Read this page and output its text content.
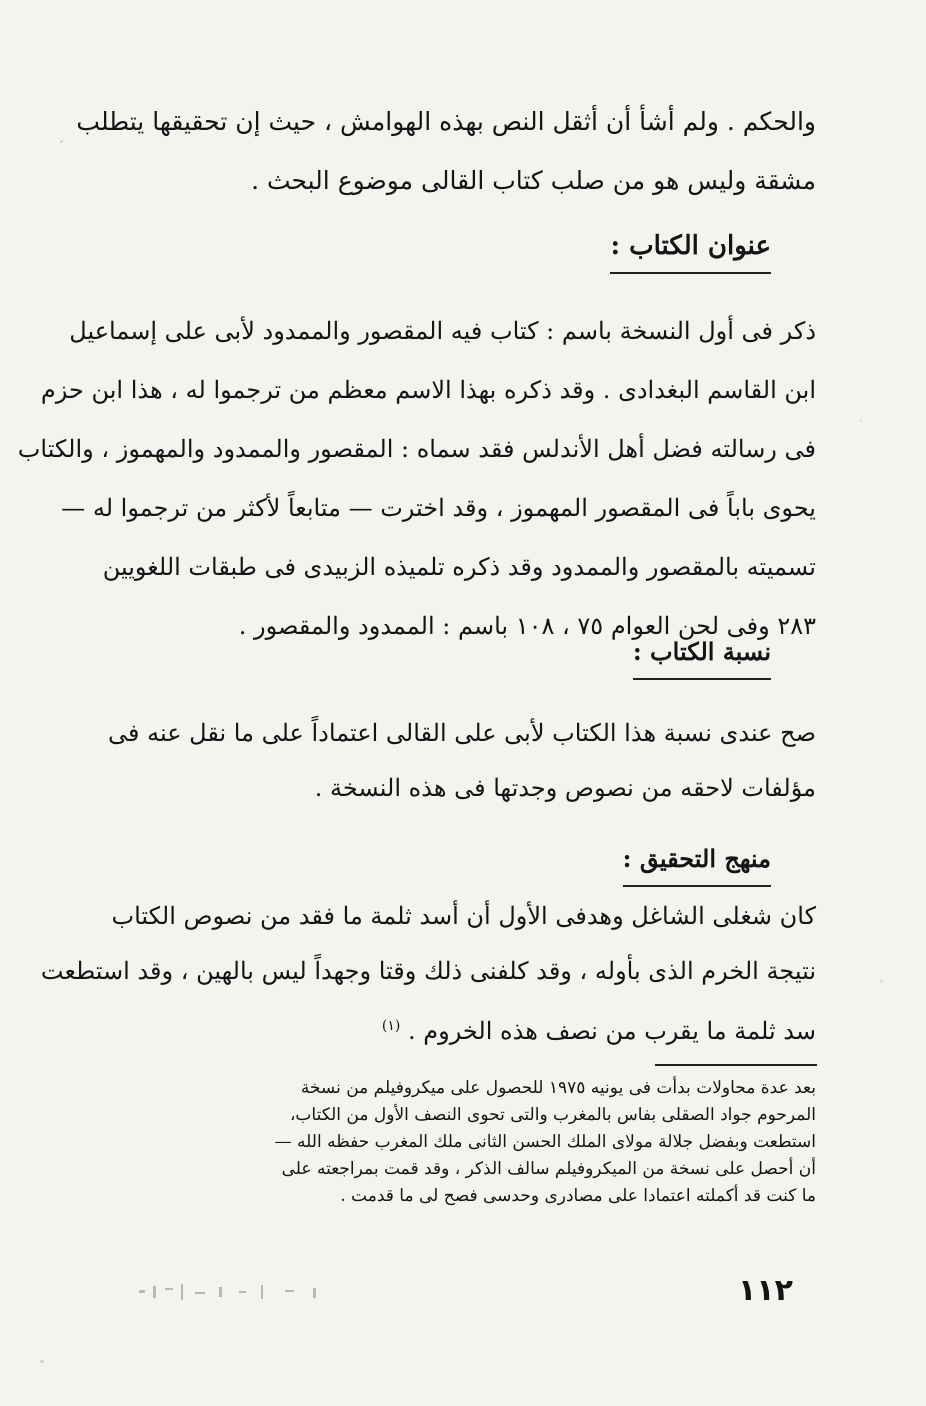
والحكم . ولم أشأ أن أثقل النص بهذه الهوامش ، حيث إن تحقيقها يتطلب
مشقة وليس هو من صلب كتاب القالى موضوع البحث .
عنوان الكتاب :
ذكر فى أول النسخة باسم : كتاب فيه المقصور والممدود لأبى على إسماعيل
ابن القاسم البغدادى . وقد ذكره بهذا الاسم معظم من ترجموا له ، هذا ابن حزم
فى رسالته فضل أهل الأندلس فقد سماه : المقصور والممدود والمهموز ، والكتاب
يحوى باباً فى المقصور المهموز ، وقد اخترت — متابعاً لأكثر من ترجموا له —
تسميته بالمقصور والممدود وقد ذكره تلميذه الزبيدى فى طبقات اللغويين
٢٨٣ وفى لحن العوام ٧٥ ، ١٠٨ باسم : الممدود والمقصور .
نسبة الكتاب :
صح عندى نسبة هذا الكتاب لأبى على القالى اعتماداً على ما نقل عنه فى
مؤلفات لاحقه من نصوص وجدتها فى هذه النسخة .
منهج التحقيق :
كان شغلى الشاغل وهدفى الأول أن أسد ثلمة ما فقد من نصوص الكتاب
نتيجة الخرم الذى بأوله ، وقد كلفنى ذلك وقتا وجهداً ليس بالهين ، وقد استطعت
سد ثلمة ما يقرب من نصف هذه الخروم . $^{(١)}$
بعد عدة محاولات بدأت فى يونيه ١٩٧٥ للحصول على ميكروفيلم من نسخة
المرحوم جواد الصقلى بفاس بالمغرب والتى تحوى النصف الأول من الكتاب،
استطعت وبفضل جلالة مولاى الملك الحسن الثانى ملك المغرب حفظه الله —
أن أحصل على نسخة من الميكروفيلم سالف الذكر ، وقد قمت بمراجعته على
ما كنت قد أكملته اعتمادا على مصادرى وحدسى فصح لى ما قدمت .
١١٢
